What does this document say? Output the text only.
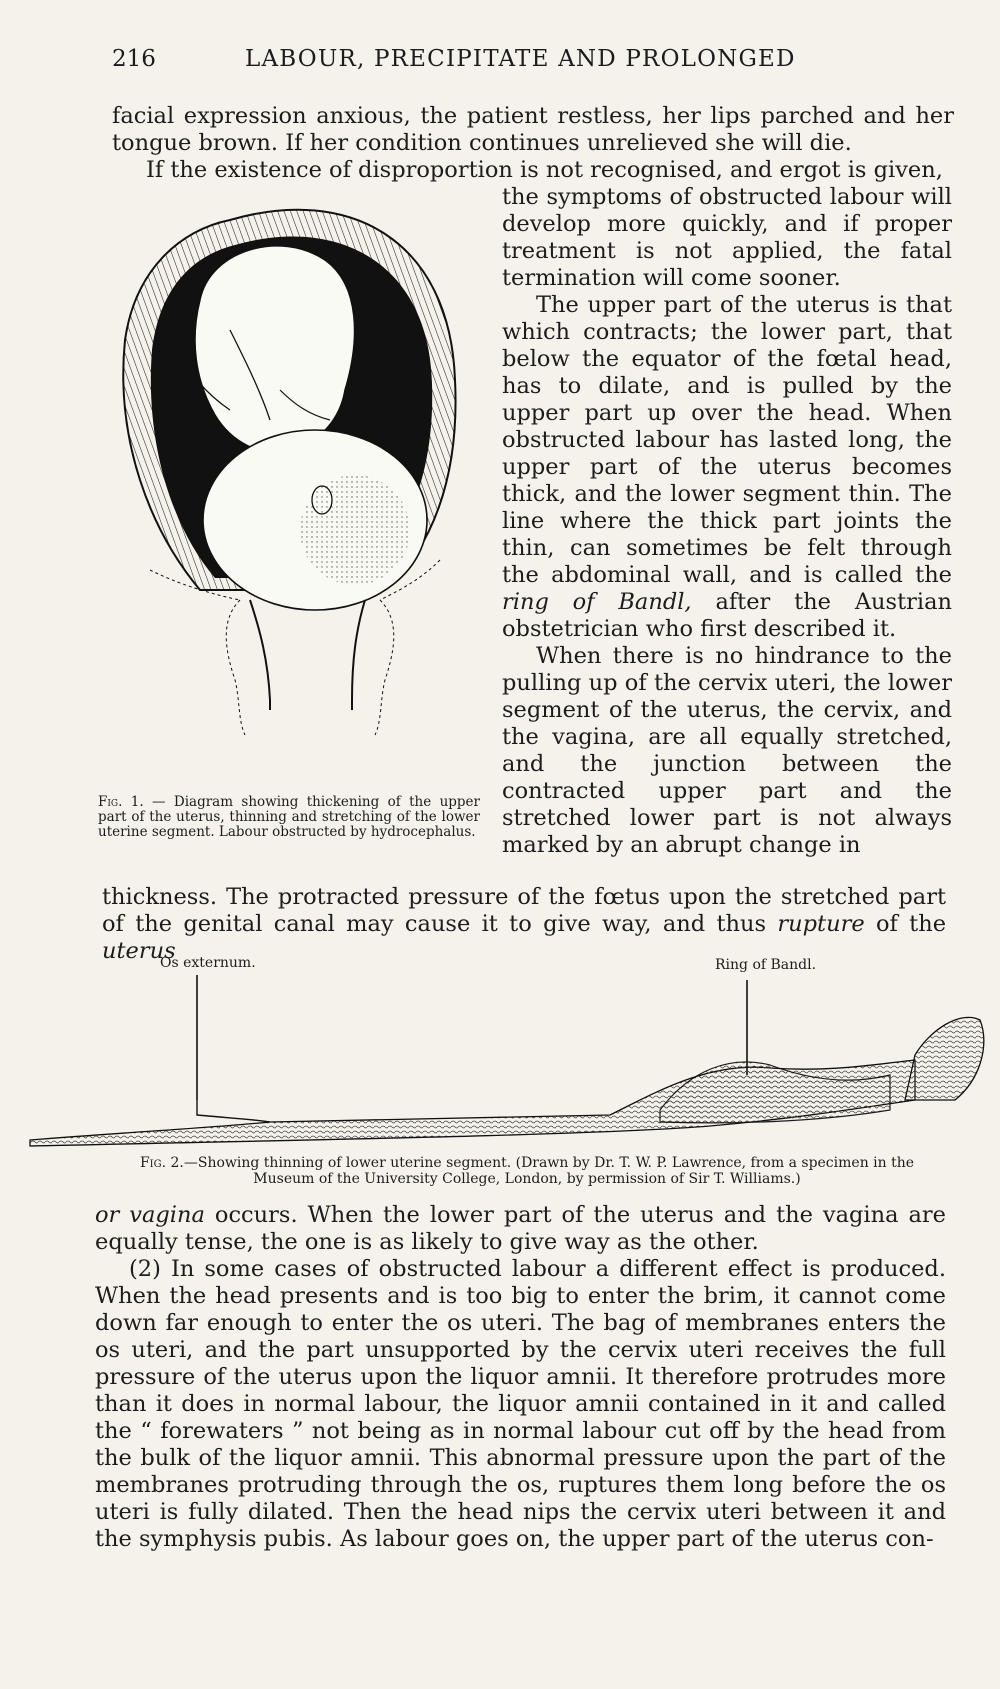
216	LABOUR, PRECIPITATE AND PROLONGED

facial expression anxious, the patient restless, her lips parched and her tongue brown. If her condition continues unrelieved she will die.

If the existence of disproportion is not recognised, and ergot is given,

Fig. 1. — Diagram showing thickening of the upper part of the uterus, thinning and stretching of the lower uterine segment. Labour obstructed by hydrocephalus.

the symptoms of obstructed labour will develop more quickly, and if proper treatment is not applied, the fatal termination will come sooner.

The upper part of the uterus is that which contracts; the lower part, that below the equator of the fœtal head, has to dilate, and is pulled by the upper part up over the head. When obstructed labour has lasted long, the upper part of the uterus becomes thick, and the lower segment thin. The line where the thick part joints the thin, can sometimes be felt through the abdominal wall, and is called the ring of Bandl, after the Austrian obstetrician who first described it.

When there is no hindrance to the pulling up of the cervix uteri, the lower segment of the uterus, the cervix, and the vagina, are all equally stretched, and the junction between the contracted upper part and the stretched lower part is not always marked by an abrupt change in

thickness. The protracted pressure of the fœtus upon the stretched part of the genital canal may cause it to give way, and thus rupture of the uterus

Os externum.	Ring of Bandl.
Fig. 2.—Showing thinning of lower uterine segment. (Drawn by Dr. T. W. P. Lawrence, from a specimen in the Museum of the University College, London, by permission of Sir T. Williams.)

or vagina occurs. When the lower part of the uterus and the vagina are equally tense, the one is as likely to give way as the other.

(2) In some cases of obstructed labour a different effect is produced. When the head presents and is too big to enter the brim, it cannot come down far enough to enter the os uteri. The bag of membranes enters the os uteri, and the part unsupported by the cervix uteri receives the full pressure of the uterus upon the liquor amnii. It therefore protrudes more than it does in normal labour, the liquor amnii contained in it and called the “ forewaters ” not being as in normal labour cut off by the head from the bulk of the liquor amnii. This abnormal pressure upon the part of the membranes protruding through the os, ruptures them long before the os uteri is fully dilated. Then the head nips the cervix uteri between it and the symphysis pubis. As labour goes on, the upper part of the uterus con-
